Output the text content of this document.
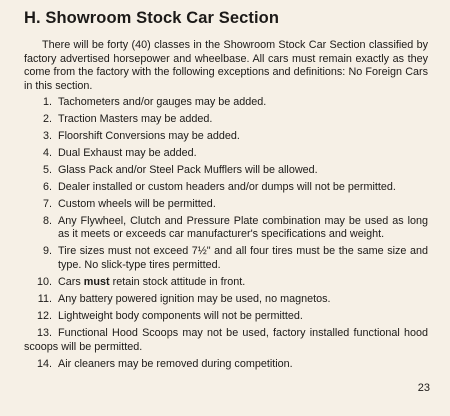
H. Showroom Stock Car Section

There will be forty (40) classes in the Showroom Stock Car Section classified by factory advertised horsepower and wheelbase. All cars must remain exactly as they come from the factory with the following exceptions and definitions: No Foreign Cars in this section.

1. Tachometers and/or gauges may be added.
2. Traction Masters may be added.
3. Floorshift Conversions may be added.
4. Dual Exhaust may be added.
5. Glass Pack and/or Steel Pack Mufflers will be allowed.
6. Dealer installed or custom headers and/or dumps will not be permitted.
7. Custom wheels will be permitted.
8. Any Flywheel, Clutch and Pressure Plate combination may be used as long as it meets or exceeds car manufacturer's specifications and weight.
9. Tire sizes must not exceed 7½" and all four tires must be the same size and type. No slick-type tires permitted.
10. Cars must retain stock attitude in front.
11. Any battery powered ignition may be used, no magnetos.
12. Lightweight body components will not be permitted.
13. Functional Hood Scoops may not be used, factory installed functional hood scoops will be permitted.
14. Air cleaners may be removed during competition.
23
